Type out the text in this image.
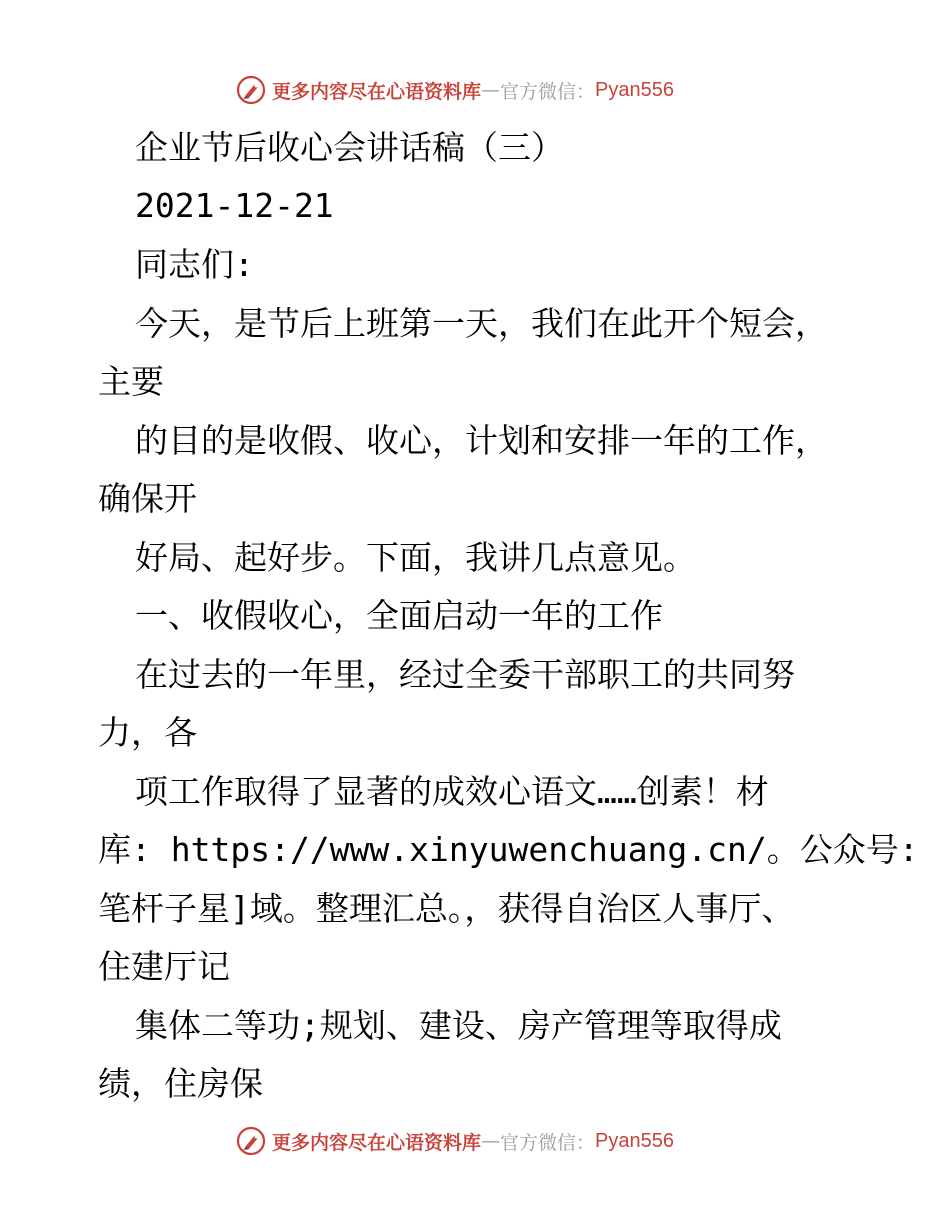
更多内容尽在心语资料库 — 官方微信： Pyan556
企业节后收心会讲话稿（三）
2021-12-21
同志们:
今天，是节后上班第一天，我们在此开个短会，
主要
的目的是收假、收心，计划和安排一年的工作，
确保开
好局、起好步。下面，我讲几点意见。
一、收假收心，全面启动一年的工作
在过去的一年里，经过全委干部职工的共同努
力，各
项工作取得了显著的成效心语文……创素！材
库: https://www.xinyuwenchuang.cn/。公众号:
笔杆子星]域。整理汇总。，获得自治区人事厅、
住建厅记
集体二等功;规划、建设、房产管理等取得成
绩，住房保
更多内容尽在心语资料库 — 官方微信： Pyan556
